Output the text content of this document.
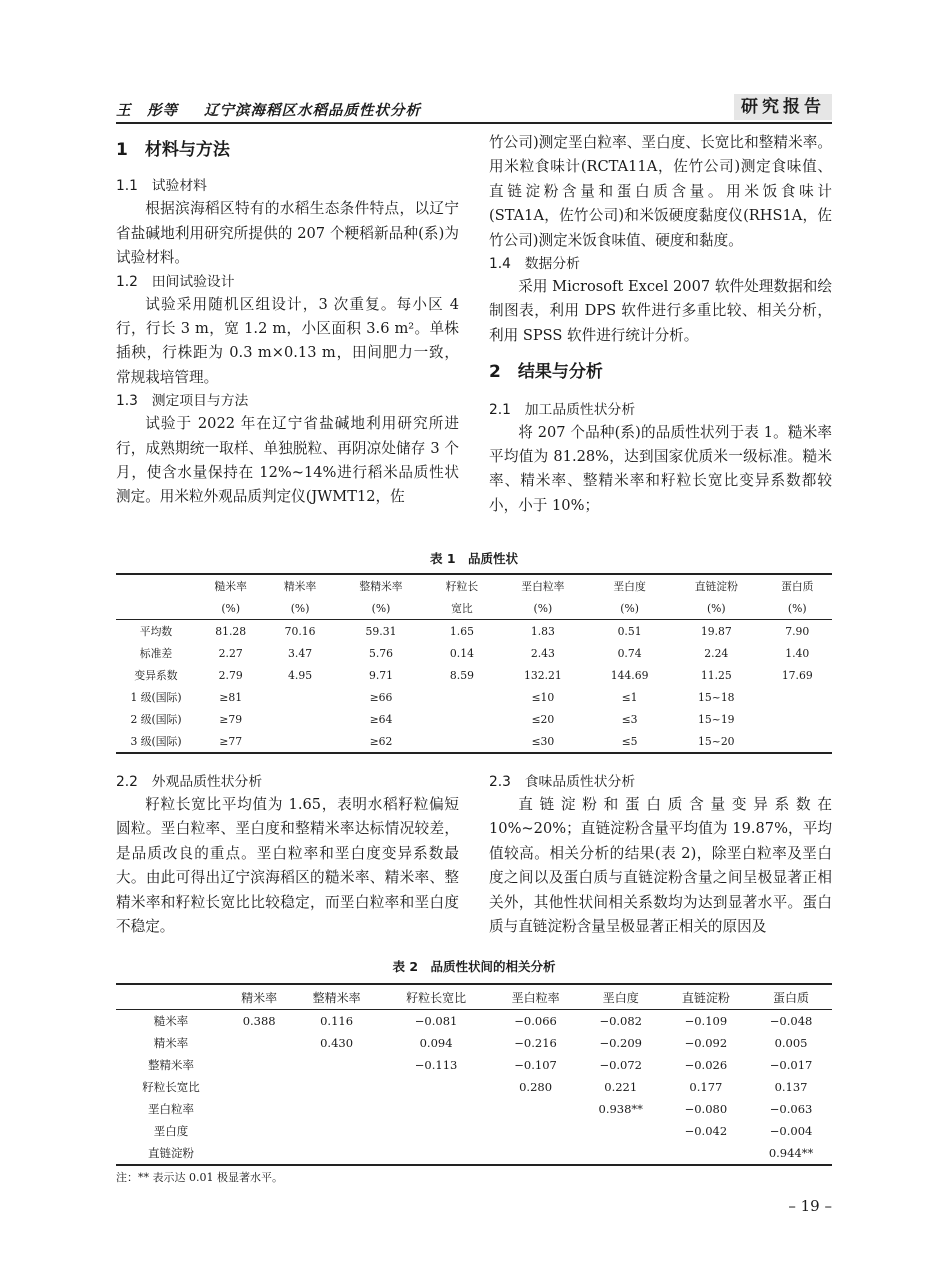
王　彤等 辽宁滨海稻区水稻品质性状分析	研究报告
1　材料与方法
1.1　试验材料

根据滨海稻区特有的水稻生态条件特点，以辽宁省盐碱地利用研究所提供的 207 个粳稻新品种(系)为试验材料。

1.2　田间试验设计

试验采用随机区组设计，3 次重复。每小区 4 行，行长 3 m，宽 1.2 m，小区面积 3.6 m²。单株插秧，行株距为 0.3 m×0.13 m，田间肥力一致，常规栽培管理。

1.3　测定项目与方法

试验于 2022 年在辽宁省盐碱地利用研究所进行，成熟期统一取样、单独脱粒、再阴凉处储存 3 个月，使含水量保持在 12%~14%进行稻米品质性状测定。用米粒外观品质判定仪(JWMT12，佐

竹公司)测定垩白粒率、垩白度、长宽比和整精米率。用米粒食味计(RCTA11A，佐竹公司)测定食味值、直链淀粉含量和蛋白质含量。用米饭食味计(STA1A，佐竹公司)和米饭硬度黏度仪(RHS1A，佐竹公司)测定米饭食味值、硬度和黏度。

1.4　数据分析

采用 Microsoft Excel 2007 软件处理数据和绘制图表，利用 DPS 软件进行多重比较、相关分析，利用 SPSS 软件进行统计分析。

2　结果与分析
2.1　加工品质性状分析

将 207 个品种(系)的品质性状列于表 1。糙米率平均值为 81.28%，达到国家优质米一级标准。糙米率、精米率、整精米率和籽粒长宽比变异系数都较小，小于 10%；

表 1　品质性状
	糙米率	精米率	整精米率	籽粒长	垩白粒率	垩白度	直链淀粉	蛋白质
	(%)	(%)	(%)	宽比	(%)	(%)	(%)	(%)
平均数	81.28	70.16	59.31	1.65	1.83	0.51	19.87	7.90
标准差	2.27	3.47	5.76	0.14	2.43	0.74	2.24	1.40
变异系数	2.79	4.95	9.71	8.59	132.21	144.69	11.25	17.69
1 级(国际)	≥81		≥66		≤10	≤1	15~18	
2 级(国际)	≥79		≥64		≤20	≤3	15~19	
3 级(国际)	≥77		≥62		≤30	≤5	15~20	
2.2　外观品质性状分析

籽粒长宽比平均值为 1.65，表明水稻籽粒偏短圆粒。垩白粒率、垩白度和整精米率达标情况较差，是品质改良的重点。垩白粒率和垩白度变异系数最大。由此可得出辽宁滨海稻区的糙米率、精米率、整精米率和籽粒长宽比比较稳定，而垩白粒率和垩白度不稳定。

2.3　食味品质性状分析

直链淀粉和蛋白质含量变异系数在 10%~20%；直链淀粉含量平均值为 19.87%，平均值较高。相关分析的结果(表 2)，除垩白粒率及垩白度之间以及蛋白质与直链淀粉含量之间呈极显著正相关外，其他性状间相关系数均为达到显著水平。蛋白质与直链淀粉含量呈极显著正相关的原因及

表 2　品质性状间的相关分析
	精米率	整精米率	籽粒长宽比	垩白粒率	垩白度	直链淀粉	蛋白质
糙米率	0.388	0.116	−0.081	−0.066	−0.082	−0.109	−0.048
精米率		0.430	0.094	−0.216	−0.209	−0.092	0.005
整精米率			−0.113	−0.107	−0.072	−0.026	−0.017
籽粒长宽比				0.280	0.221	0.177	0.137
垩白粒率					0.938**	−0.080	−0.063
垩白度						−0.042	−0.004
直链淀粉							0.944**
注：** 表示达 0.01 极显著水平。
– 19 –
